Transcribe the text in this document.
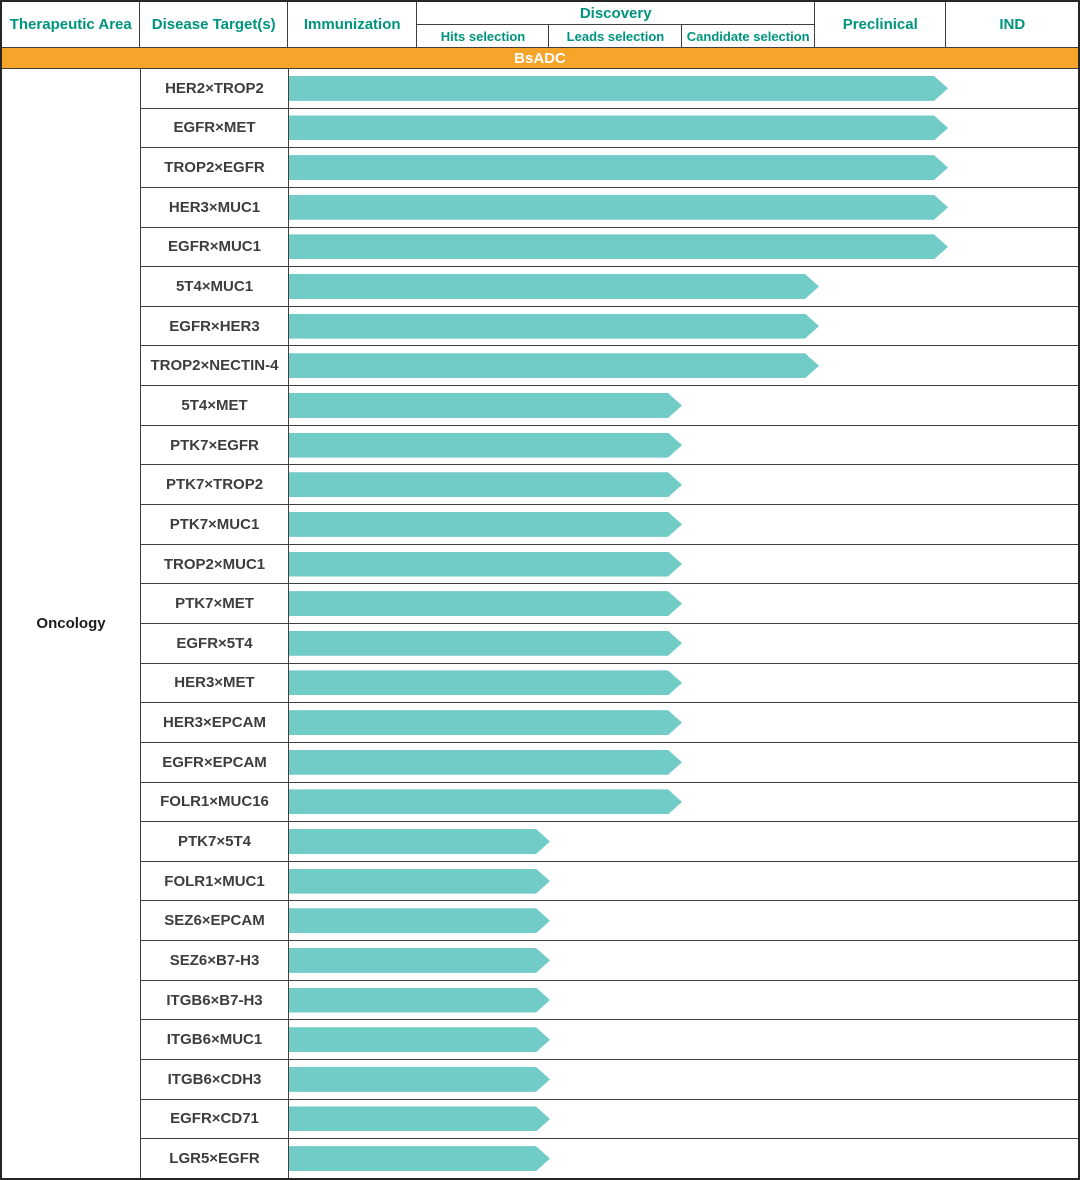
Therapeutic Area	Disease Target(s)	Immunization
Discovery
Hits selection	Leads selection	Candidate selection
Preclinical	IND
BsADC
Oncology
HER2×TROP2
EGFR×MET
TROP2×EGFR
HER3×MUC1
EGFR×MUC1
5T4×MUC1
EGFR×HER3
TROP2×NECTIN-4
5T4×MET
PTK7×EGFR
PTK7×TROP2
PTK7×MUC1
TROP2×MUC1
PTK7×MET
EGFR×5T4
HER3×MET
HER3×EPCAM
EGFR×EPCAM
FOLR1×MUC16
PTK7×5T4
FOLR1×MUC1
SEZ6×EPCAM
SEZ6×B7-H3
ITGB6×B7-H3
ITGB6×MUC1
ITGB6×CDH3
EGFR×CD71
LGR5×EGFR
